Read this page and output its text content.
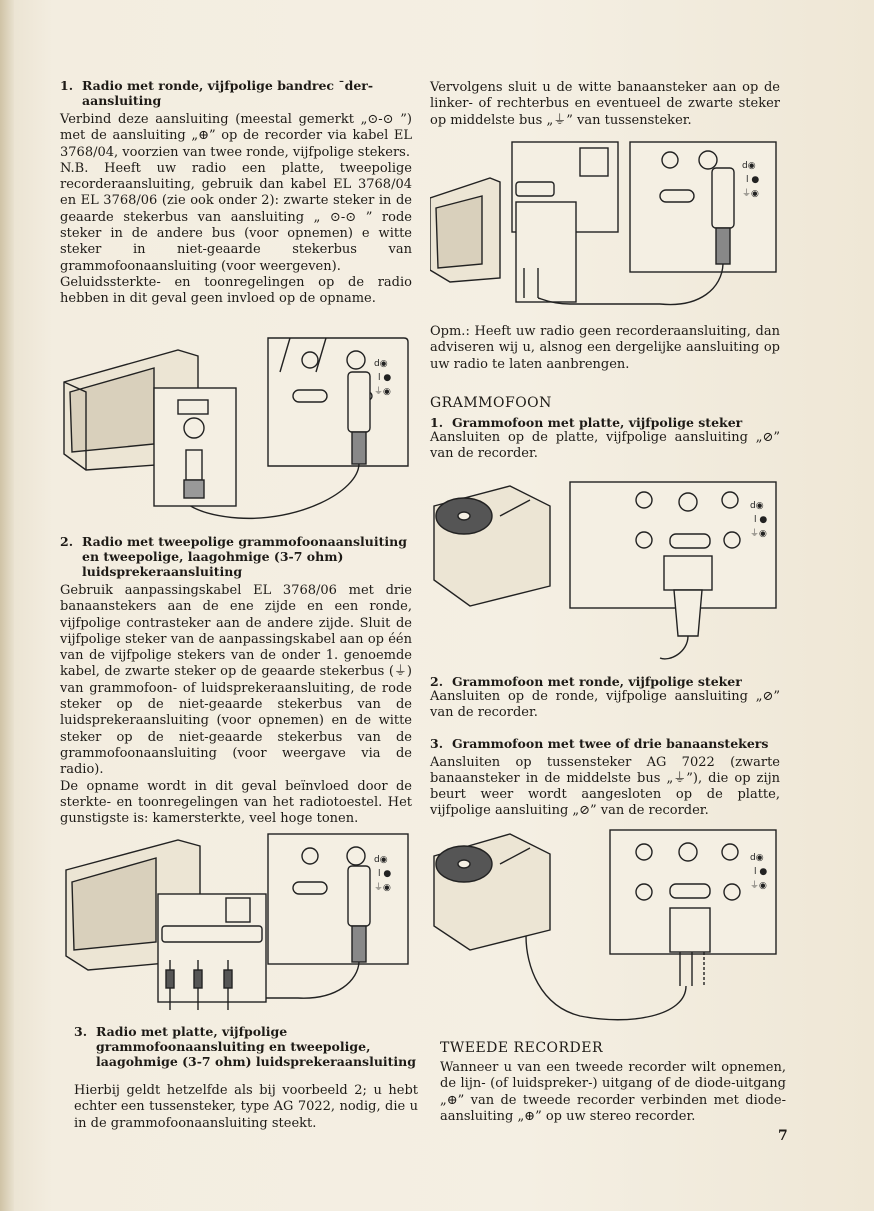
1. Radio met ronde, vijfpolige bandrec ˉder-aansluiting

Verbind deze aansluiting (meestal gemerkt „⊙-⊙ ”) met de aansluiting „⊕” op de recorder via kabel EL 3768/04, voorzien van twee ronde, vijfpolige stekers.

N.B. Heeft uw radio een platte, tweepolige recorderaansluiting, gebruik dan kabel EL 3768/04 en EL 3768/06 (zie ook onder 2): zwarte steker in de geaarde stekerbus van aansluiting „ ⊙-⊙ ” rode steker in de andere bus (voor opnemen) e witte steker in niet-geaarde stekerbus van grammofoonaansluiting (voor weergeven).

Geluidssterkte- en toonregelingen op de radio hebben in dit geval geen invloed op de opname.

d◉
l ●
⏚◉

2. Radio met tweepolige grammofoonaansluiting en tweepolige, laagohmige (3-7 ohm) luidsprekeraansluiting

Gebruik aanpassingskabel EL 3768/06 met drie banaanstekers aan de ene zijde en een ronde, vijfpolige contrasteker aan de andere zijde. Sluit de vijfpolige steker van de aanpassingskabel aan op één van de vijfpolige stekers van de onder 1. genoemde kabel, de zwarte steker op de geaarde stekerbus (⏚) van grammofoon- of luidsprekeraansluiting, de rode steker op de niet-geaarde stekerbus van de luidsprekeraansluiting (voor opnemen) en de witte steker op de niet-geaarde stekerbus van de grammofoonaansluiting (voor weergave via de radio).

De opname wordt in dit geval beïnvloed door de sterkte- en toonregelingen van het radiotoestel. Het gunstigste is: kamersterkte, veel hoge tonen.

d◉
l ●
⏚◉

3. Radio met platte, vijfpolige grammofoonaansluiting en tweepolige, laagohmige (3-7 ohm) luidsprekeraansluiting

Hierbij geldt hetzelfde als bij voorbeeld 2; u hebt echter een tussensteker, type AG 7022, nodig, die u in de grammofoonaansluiting steekt.

Vervolgens sluit u de witte banaansteker aan op de linker- of rechterbus en eventueel de zwarte steker op middelste bus „⏚” van tussensteker.

d◉
l ●
⏚◉

Opm.: Heeft uw radio geen recorderaansluiting, dan adviseren wij u, alsnog een dergelijke aansluiting op uw radio te laten aanbrengen.

GRAMMOFOON

1. Grammofoon met platte, vijfpolige steker

Aansluiten op de platte, vijfpolige aansluiting „⊘” van de recorder.

d◉
l ●
⏚◉

2. Grammofoon met ronde, vijfpolige steker

Aansluiten op de ronde, vijfpolige aansluiting „⊘” van de recorder.

3. Grammofoon met twee of drie banaanstekers

Aansluiten op tussensteker AG 7022 (zwarte banaansteker in de middelste bus „⏚”), die op zijn beurt weer wordt aangesloten op de platte, vijfpolige aansluiting „⊘” van de recorder.

d◉
l ●
⏚◉

TWEEDE RECORDER

Wanneer u van een tweede recorder wilt opnemen, de lijn- (of luidspreker-) uitgang of de diode-uitgang „⊕” van de tweede recorder verbinden met diode-aansluiting „⊕” op uw stereo recorder.

7
